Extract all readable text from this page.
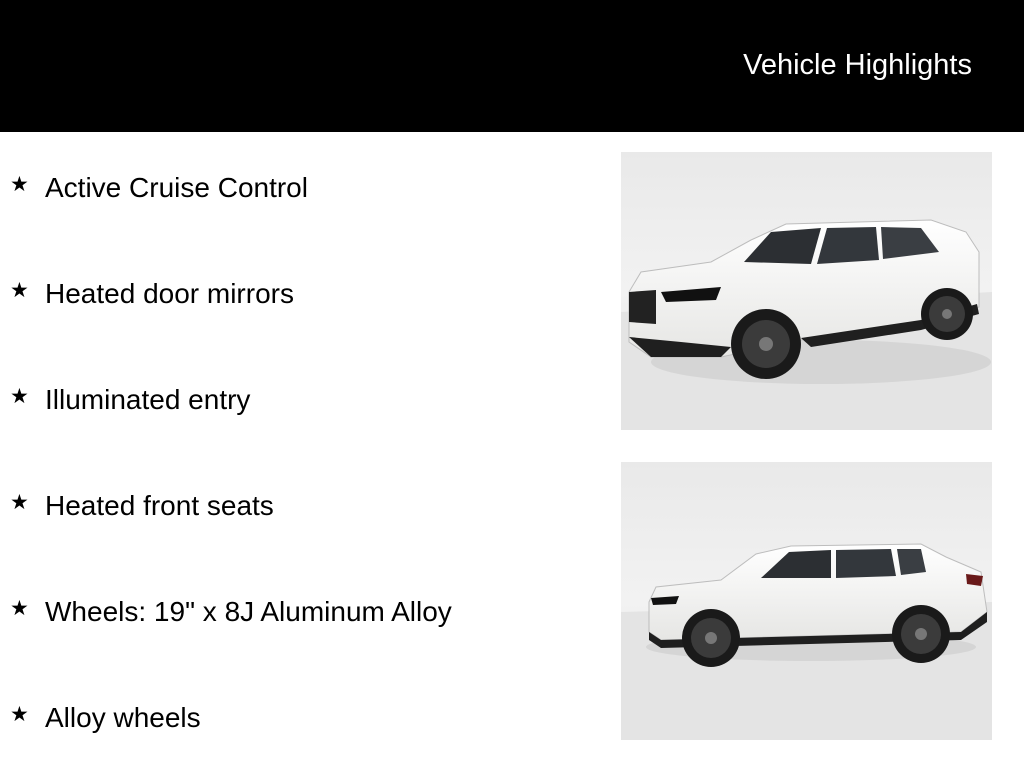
Vehicle Highlights
★ Active Cruise Control
★ Heated door mirrors
★ Illuminated entry
★ Heated front seats
★ Wheels: 19" x 8J Aluminum Alloy
★ Alloy wheels
